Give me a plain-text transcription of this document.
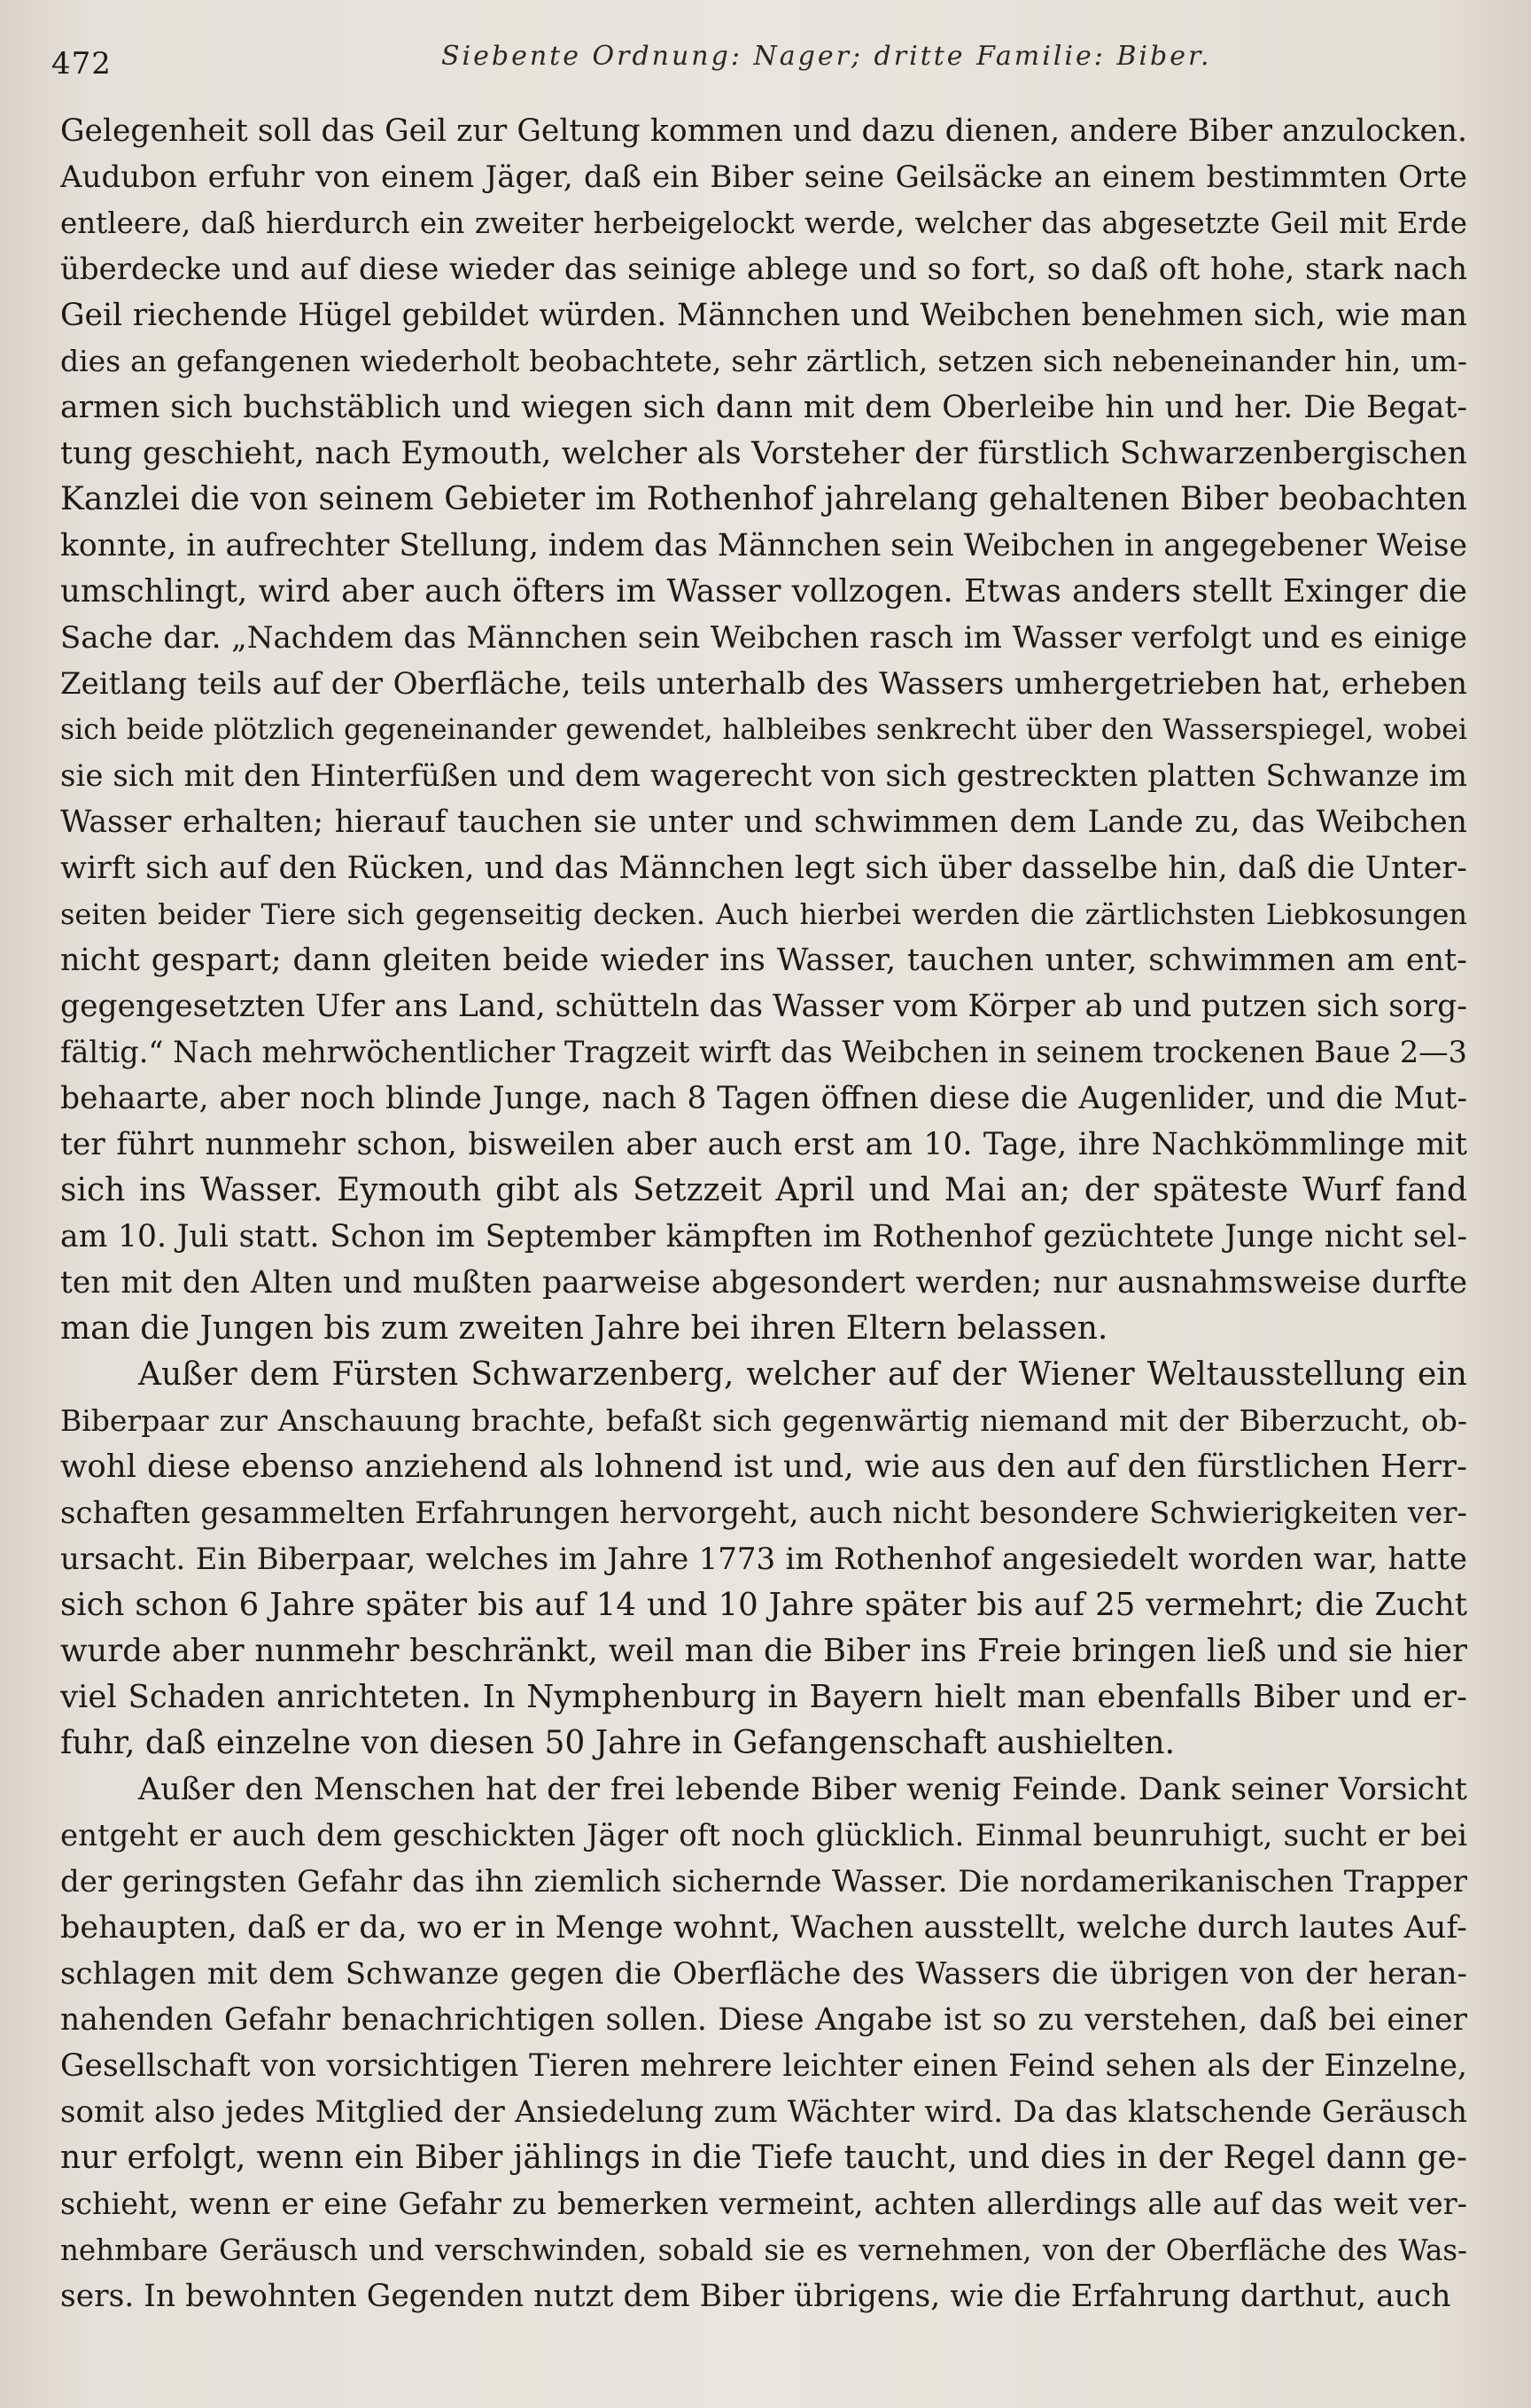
472	Siebente Ordnung: Nager; dritte Familie: Biber.
Gelegenheit soll das Geil zur Geltung kommen und dazu dienen, andere Biber anzulocken.
Audubon erfuhr von einem Jäger, daß ein Biber seine Geilsäcke an einem bestimmten Orte
entleere, daß hierdurch ein zweiter herbeigelockt werde, welcher das abgesetzte Geil mit Erde
überdecke und auf diese wieder das seinige ablege und so fort, so daß oft hohe, stark nach
Geil riechende Hügel gebildet würden. Männchen und Weibchen benehmen sich, wie man
dies an gefangenen wiederholt beobachtete, sehr zärtlich, setzen sich nebeneinander hin, um-
armen sich buchstäblich und wiegen sich dann mit dem Oberleibe hin und her. Die Begat-
tung geschieht, nach Eymouth, welcher als Vorsteher der fürstlich Schwarzenbergischen
Kanzlei die von seinem Gebieter im Rothenhof jahrelang gehaltenen Biber beobachten
konnte, in aufrechter Stellung, indem das Männchen sein Weibchen in angegebener Weise
umschlingt, wird aber auch öfters im Wasser vollzogen. Etwas anders stellt Exinger die
Sache dar. „Nachdem das Männchen sein Weibchen rasch im Wasser verfolgt und es einige
Zeitlang teils auf der Oberfläche, teils unterhalb des Wassers umhergetrieben hat, erheben
sich beide plötzlich gegeneinander gewendet, halbleibes senkrecht über den Wasserspiegel, wobei
sie sich mit den Hinterfüßen und dem wagerecht von sich gestreckten platten Schwanze im
Wasser erhalten; hierauf tauchen sie unter und schwimmen dem Lande zu, das Weibchen
wirft sich auf den Rücken, und das Männchen legt sich über dasselbe hin, daß die Unter-
seiten beider Tiere sich gegenseitig decken. Auch hierbei werden die zärtlichsten Liebkosungen
nicht gespart; dann gleiten beide wieder ins Wasser, tauchen unter, schwimmen am ent-
gegengesetzten Ufer ans Land, schütteln das Wasser vom Körper ab und putzen sich sorg-
fältig.“ Nach mehrwöchentlicher Tragzeit wirft das Weibchen in seinem trockenen Baue 2—3
behaarte, aber noch blinde Junge, nach 8 Tagen öffnen diese die Augenlider, und die Mut-
ter führt nunmehr schon, bisweilen aber auch erst am 10. Tage, ihre Nachkömmlinge mit
sich ins Wasser. Eymouth gibt als Setzzeit April und Mai an; der späteste Wurf fand
am 10. Juli statt. Schon im September kämpften im Rothenhof gezüchtete Junge nicht sel-
ten mit den Alten und mußten paarweise abgesondert werden; nur ausnahmsweise durfte
man die Jungen bis zum zweiten Jahre bei ihren Eltern belassen.
Außer dem Fürsten Schwarzenberg, welcher auf der Wiener Weltausstellung ein
Biberpaar zur Anschauung brachte, befaßt sich gegenwärtig niemand mit der Biberzucht, ob-
wohl diese ebenso anziehend als lohnend ist und, wie aus den auf den fürstlichen Herr-
schaften gesammelten Erfahrungen hervorgeht, auch nicht besondere Schwierigkeiten ver-
ursacht. Ein Biberpaar, welches im Jahre 1773 im Rothenhof angesiedelt worden war, hatte
sich schon 6 Jahre später bis auf 14 und 10 Jahre später bis auf 25 vermehrt; die Zucht
wurde aber nunmehr beschränkt, weil man die Biber ins Freie bringen ließ und sie hier
viel Schaden anrichteten. In Nymphenburg in Bayern hielt man ebenfalls Biber und er-
fuhr, daß einzelne von diesen 50 Jahre in Gefangenschaft aushielten.
Außer den Menschen hat der frei lebende Biber wenig Feinde. Dank seiner Vorsicht
entgeht er auch dem geschickten Jäger oft noch glücklich. Einmal beunruhigt, sucht er bei
der geringsten Gefahr das ihn ziemlich sichernde Wasser. Die nordamerikanischen Trapper
behaupten, daß er da, wo er in Menge wohnt, Wachen ausstellt, welche durch lautes Auf-
schlagen mit dem Schwanze gegen die Oberfläche des Wassers die übrigen von der heran-
nahenden Gefahr benachrichtigen sollen. Diese Angabe ist so zu verstehen, daß bei einer
Gesellschaft von vorsichtigen Tieren mehrere leichter einen Feind sehen als der Einzelne,
somit also jedes Mitglied der Ansiedelung zum Wächter wird. Da das klatschende Geräusch
nur erfolgt, wenn ein Biber jählings in die Tiefe taucht, und dies in der Regel dann ge-
schieht, wenn er eine Gefahr zu bemerken vermeint, achten allerdings alle auf das weit ver-
nehmbare Geräusch und verschwinden, sobald sie es vernehmen, von der Oberfläche des Was-
sers. In bewohnten Gegenden nutzt dem Biber übrigens, wie die Erfahrung darthut, auch
